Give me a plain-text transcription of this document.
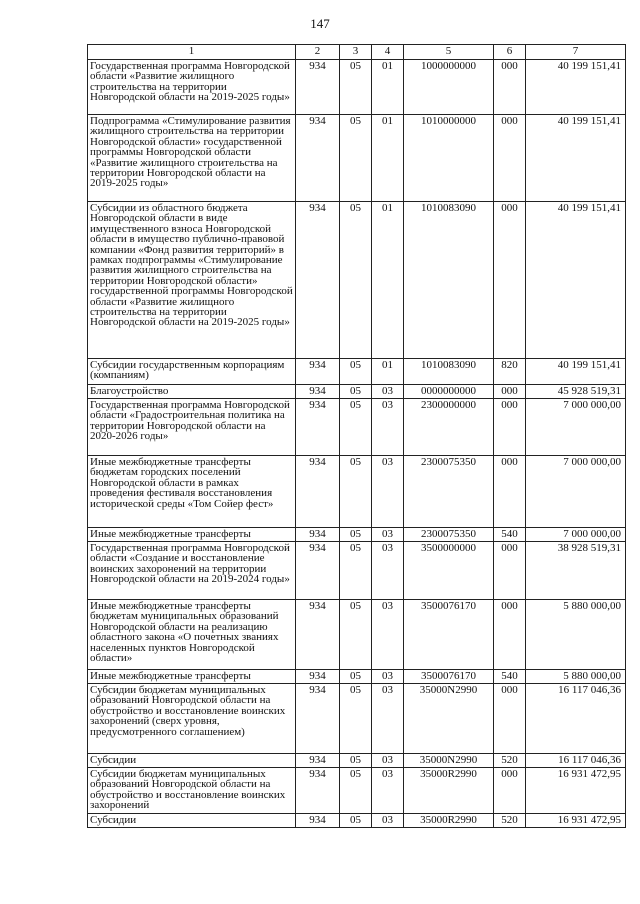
147
1	2	3	4	5	6	7
Государственная программа Новгородской области «Развитие жилищного строительства на территории Новгородской области на 2019-2025 годы»	934	05	01	1000000000	000	40 199 151,41
Подпрограмма «Стимулирование развития жилищного строительства на территории Новгородской области» государственной программы Новгородской области «Развитие жилищного строительства на территории Новгородской области на 2019-2025 годы»	934	05	01	1010000000	000	40 199 151,41
Субсидии из областного бюджета Новгородской области в виде имущественного взноса Новгородской области в имущество публично-правовой компании «Фонд развития территорий» в рамках подпрограммы «Стимулирование развития жилищного строительства на территории Новгородской области» государственной программы Новгородской области «Развитие жилищного строительства на территории Новгородской области на 2019-2025 годы»	934	05	01	1010083090	000	40 199 151,41
Субсидии государственным корпорациям (компаниям)	934	05	01	1010083090	820	40 199 151,41
Благоустройство	934	05	03	0000000000	000	45 928 519,31
Государственная программа Новгородской области «Градостроительная политика на территории Новгородской области на 2020-2026 годы»	934	05	03	2300000000	000	7 000 000,00
Иные межбюджетные трансферты бюджетам городских поселений Новгородской области в рамках проведения фестиваля восстановления исторической среды «Том Сойер фест»	934	05	03	2300075350	000	7 000 000,00
Иные межбюджетные трансферты	934	05	03	2300075350	540	7 000 000,00
Государственная программа Новгородской области «Создание и восстановление воинских захоронений на территории Новгородской области на 2019-2024 годы»	934	05	03	3500000000	000	38 928 519,31
Иные межбюджетные трансферты бюджетам муниципальных образований Новгородской области на реализацию областного закона «О почетных званиях населенных пунктов Новгородской области»	934	05	03	3500076170	000	5 880 000,00
Иные межбюджетные трансферты	934	05	03	3500076170	540	5 880 000,00
Субсидии бюджетам муниципальных образований Новгородской области на обустройство и восстановление воинских захоронений (сверх уровня, предусмотренного соглашением)	934	05	03	35000N2990	000	16 117 046,36
Субсидии	934	05	03	35000N2990	520	16 117 046,36
Субсидии бюджетам муниципальных образований Новгородской области на обустройство и восстановление воинских захоронений	934	05	03	35000R2990	000	16 931 472,95
Субсидии	934	05	03	35000R2990	520	16 931 472,95
